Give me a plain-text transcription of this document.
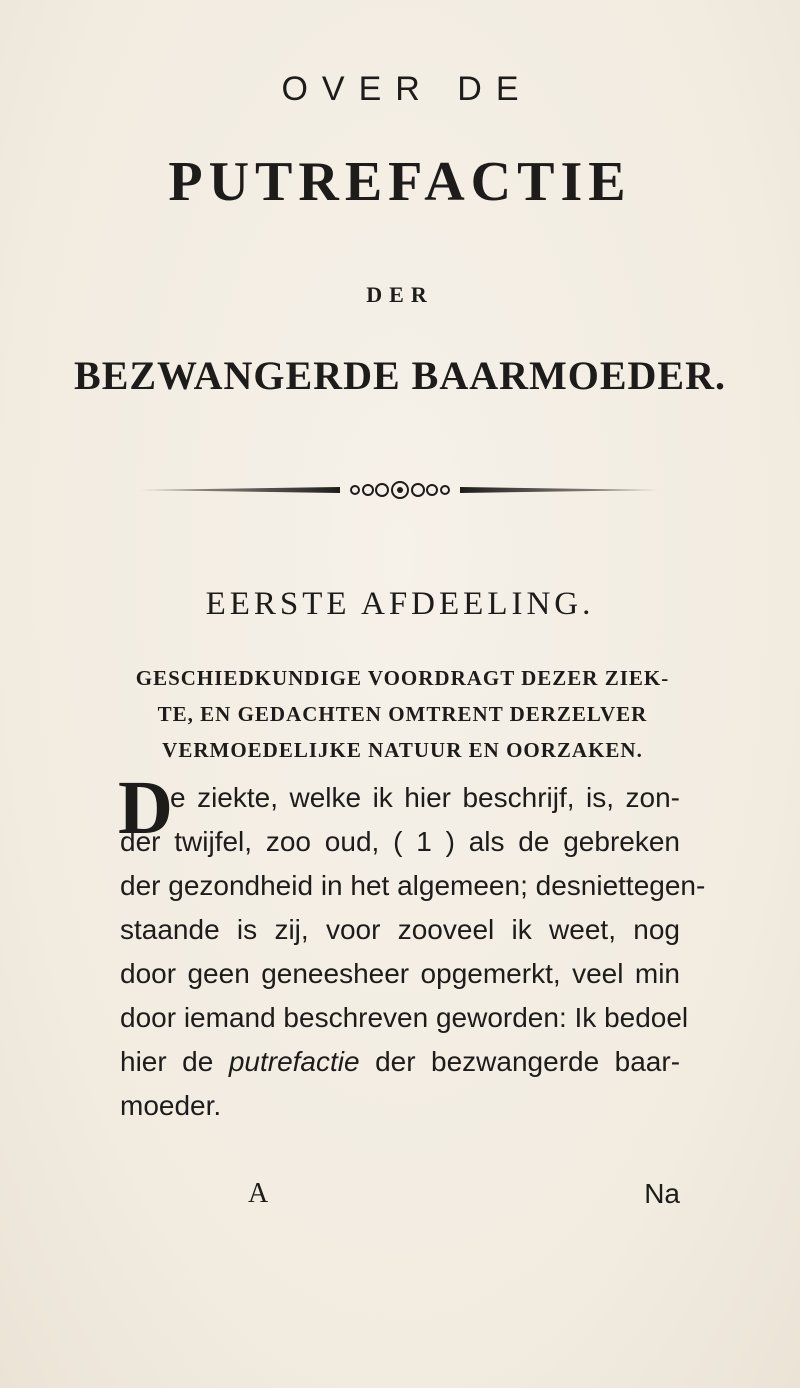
OVER DE
PUTREFACTIE
DER
BEZWANGERDE BAARMOEDER.
EERSTE AFDEELING.
GESCHIEDKUNDIGE VOORDRAGT DEZER ZIEK-
TE, EN GEDACHTEN OMTRENT DERZELVER
VERMOEDELIJKE NATUUR EN OORZAKEN.
D
e ziekte, welke ik hier beschrijf, is, zon-
der twijfel, zoo oud, ( 1 ) als de gebreken
der gezondheid in het algemeen; desniettegen-
staande is zij, voor zooveel ik weet, nog
door geen geneesheer opgemerkt, veel min
door iemand beschreven geworden: Ik bedoel
hier de putrefactie der bezwangerde baar-
moeder.
A	Na
